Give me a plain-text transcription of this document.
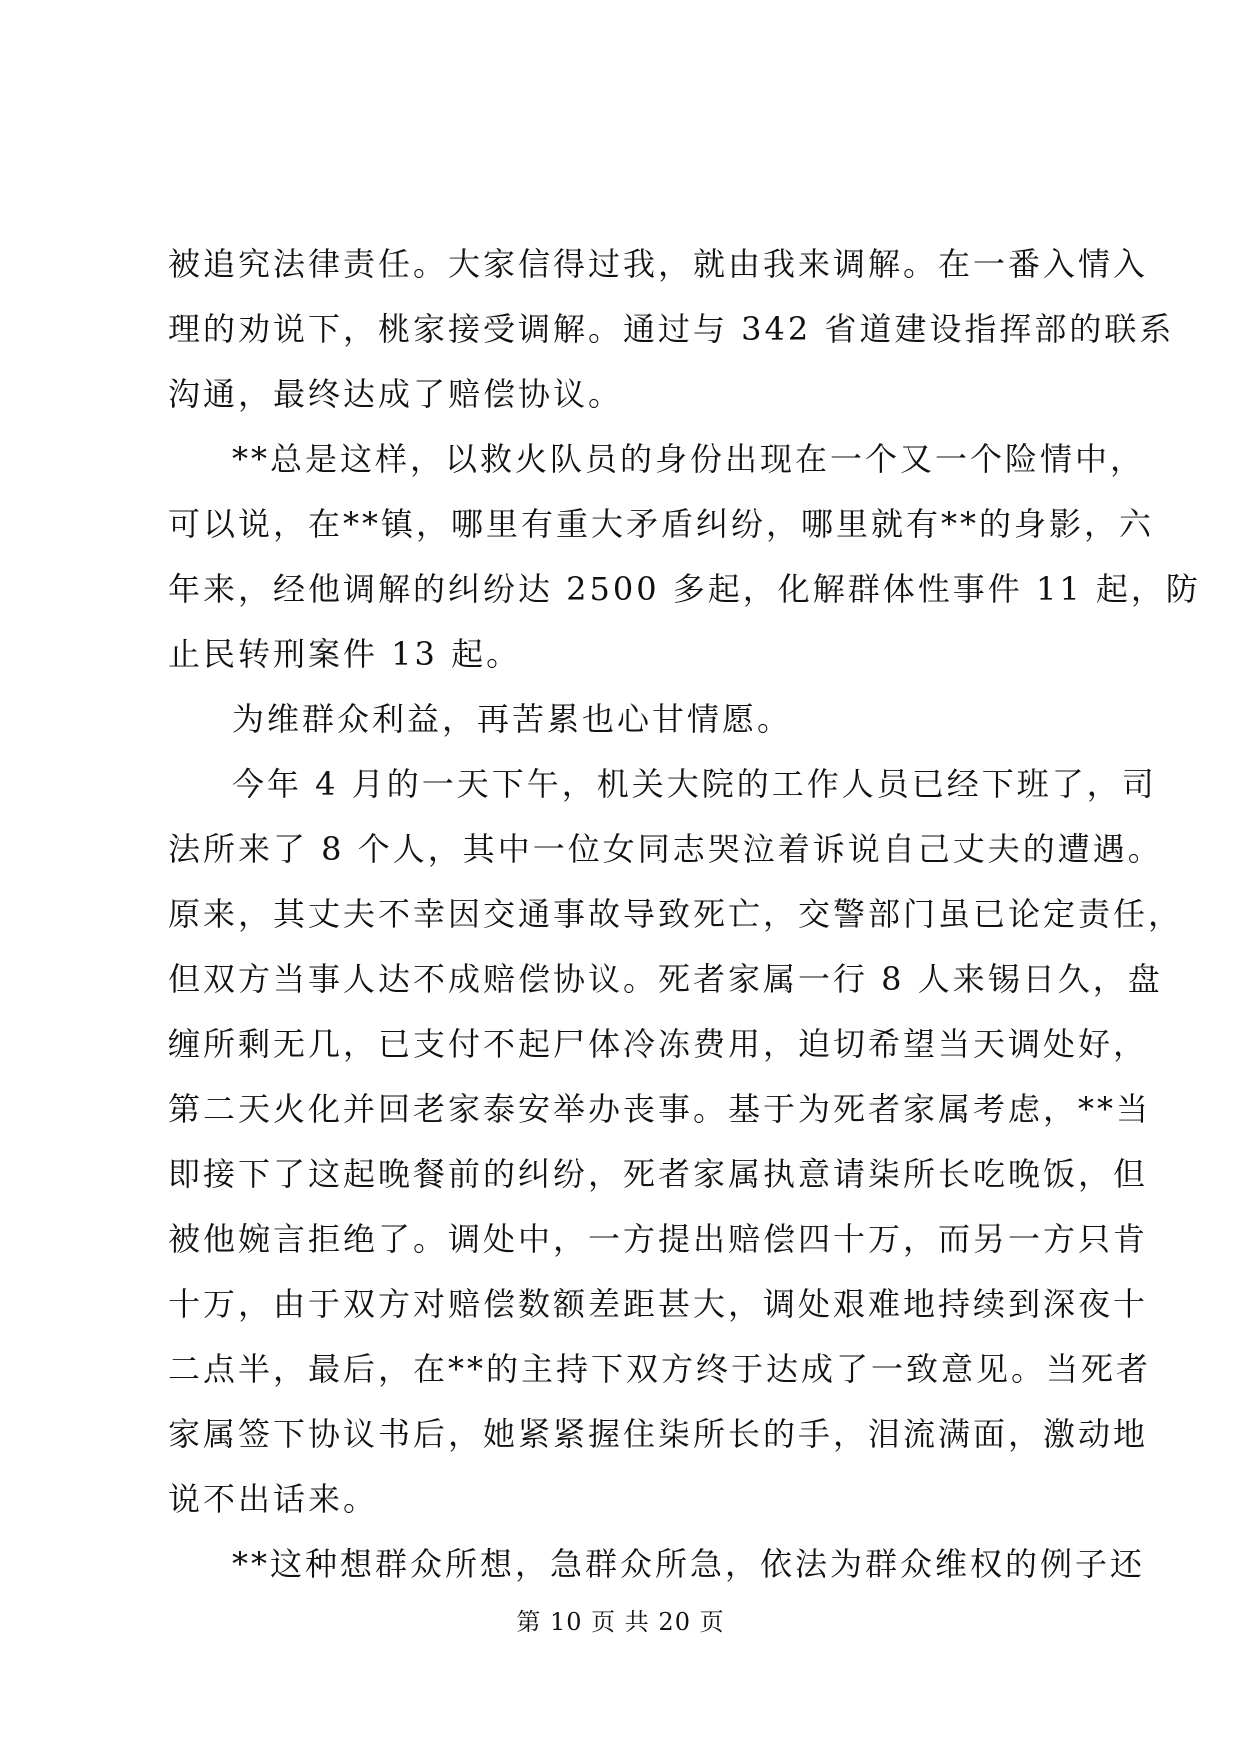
被追究法律责任。大家信得过我，就由我来调解。在一番入情入
理的劝说下，桃家接受调解。通过与 342 省道建设指挥部的联系
沟通，最终达成了赔偿协议。
**总是这样，以救火队员的身份出现在一个又一个险情中，
可以说，在**镇，哪里有重大矛盾纠纷，哪里就有**的身影，六
年来，经他调解的纠纷达 2500 多起，化解群体性事件 11 起，防
止民转刑案件 13 起。
为维群众利益，再苦累也心甘情愿。
今年 4 月的一天下午，机关大院的工作人员已经下班了，司
法所来了 8 个人，其中一位女同志哭泣着诉说自己丈夫的遭遇。
原来，其丈夫不幸因交通事故导致死亡，交警部门虽已论定责任，
但双方当事人达不成赔偿协议。死者家属一行 8 人来锡日久，盘
缠所剩无几，已支付不起尸体冷冻费用，迫切希望当天调处好，
第二天火化并回老家泰安举办丧事。基于为死者家属考虑，**当
即接下了这起晚餐前的纠纷，死者家属执意请柒所长吃晚饭，但
被他婉言拒绝了。调处中，一方提出赔偿四十万，而另一方只肯
十万，由于双方对赔偿数额差距甚大，调处艰难地持续到深夜十
二点半，最后，在**的主持下双方终于达成了一致意见。当死者
家属签下协议书后，她紧紧握住柒所长的手，泪流满面，激动地
说不出话来。
**这种想群众所想，急群众所急，依法为群众维权的例子还
第 10 页 共 20 页
